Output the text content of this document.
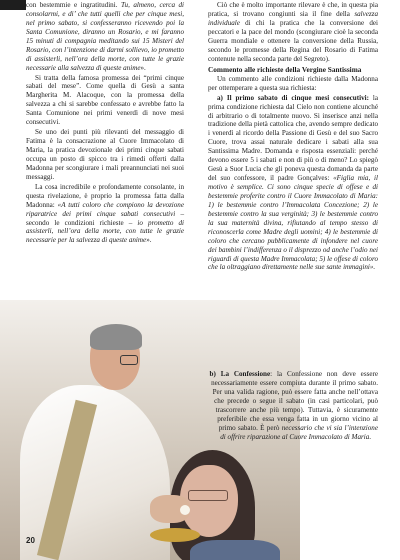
con bestemmie e ingratitudini. Tu, almeno, cerca di consolarmi, e di’ che tutti quelli che per cinque mesi, nel primo sabato, si confesseranno ricevendo poi la Santa Comunione, diranno un Rosario, e mi faranno 15 minuti di compagnia meditando sui 15 Misteri del Rosario, con l’intenzione di darmi sollievo, io prometto di assisterli, nell’ora della morte, con tutte le grazie necessarie alla salvezza di queste anime».

Si tratta della famosa promessa dei “primi cinque sabati del mese”. Come quella di Gesù a santa Margherita M. Alacoque, con la promessa della salvezza a chi si sarebbe confessato e avrebbe fatto la Santa Comunione nei primi venerdì di nove mesi consecutivi.

Se uno dei punti più rilevanti del messaggio di Fatima è la consacrazione al Cuore Immacolato di Maria, la pratica devozionale dei primi cinque sabati occupa un posto di spicco tra i rimedi offerti dalla Madonna per scongiurare i mali preannunciati nei suoi messaggi.

La cosa incredibile e profondamente consolante, in questa rivelazione, è proprio la promessa fatta dalla Madonna: «A tutti coloro che compiono la devozione riparatrice dei primi cinque sabati consecutivi – secondo le condizioni richieste – io prometto di assisterli, nell’ora della morte, con tutte le grazie necessarie per la salvezza di queste anime».

Ciò che è molto importante rilevare è che, in questa pia pratica, si trovano congiunti sia il fine della salvezza individuale di chi la pratica che la conversione dei peccatori e la pace del mondo (scongiurare cioè la seconda Guerra mondiale e ottenere la conversione della Russia, secondo le promesse della Regina del Rosario di Fatima contenute nella seconda parte del Segreto).

Commento alle richieste della Vergine Santissima

Un commento alle condizioni richieste dalla Madonna per ottemperare a questa sua richiesta:

a) Il primo sabato di cinque mesi consecutivi: la prima condizione richiesta dal Cielo non contiene alcunché di arbitrario o di totalmente nuovo. Si inserisce anzi nella tradizione della pietà cattolica che, avendo sempre dedicato i venerdì al ricordo della Passione di Gesù e del suo Sacro Cuore, trova assai naturale dedicare i sabati alla sua Santissima Madre. Domanda e risposta essenziali: perché devono essere 5 i sabati e non di più o di meno? Lo spiegò Gesù a Suor Lucia che gli poneva questa domanda da parte del suo confessore, il padre Gonçalves: «Figlia mia, il motivo è semplice. Ci sono cinque specie di offese e di bestemmie proferite contro il Cuore Immacolato di Maria: 1) le bestemmie contro l’Immacolata Concezione; 2) le bestemmie contro la sua verginità; 3) le bestemmie contro la sua maternità divina, rifiutando al tempo stesso di riconoscerla come Madre degli uomini; 4) le bestemmie di coloro che cercano pubblicamente di infondere nel cuore dei bambini l’indifferenza o il disprezzo od anche l’odio nei riguardi di questa Madre Immacolata; 5) le offese di coloro che la oltraggiano direttamente nelle sue sante immagini».

b) La Confessione: la Confessione non deve essere necessariamente essere compiuta durante il primo sabato. Per una valida ragione, può essere fatta anche nell’ottava che precede o segue il sabato (in casi particolari, può trascorrere anche più tempo). Tuttavia, è sicuramente preferibile che essa venga fatta in un giorno vicino al primo sabato. È però necessario che vi sia l’intenzione di offrire riparazione al Cuore Immacolato di Maria.

20
